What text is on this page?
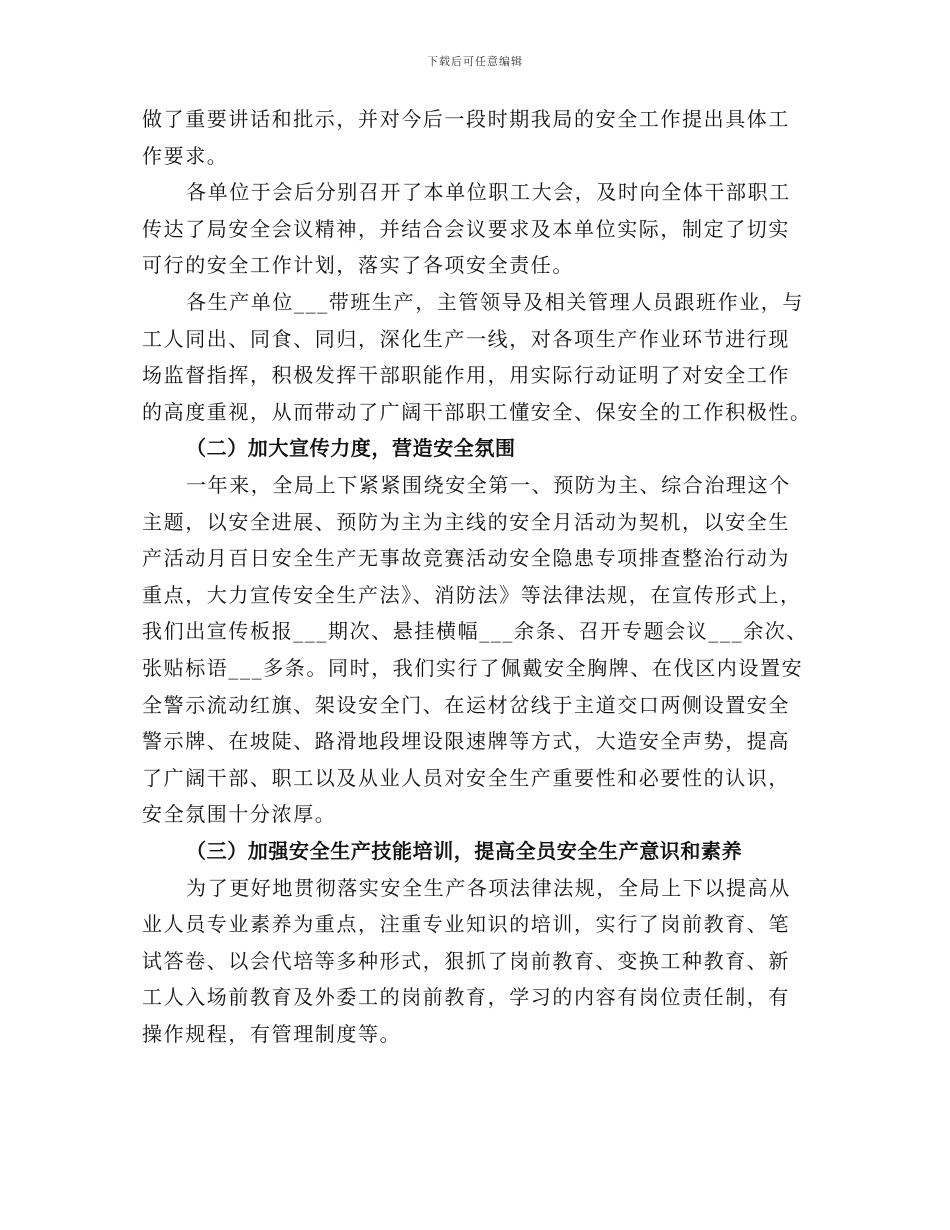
下载后可任意编辑
做了重要讲话和批示，并对今后一段时期我局的安全工作提出具体工
作要求。
各单位于会后分别召开了本单位职工大会，及时向全体干部职工
传达了局安全会议精神，并结合会议要求及本单位实际，制定了切实
可行的安全工作计划，落实了各项安全责任。
各生产单位___带班生产，主管领导及相关管理人员跟班作业，与
工人同出、同食、同归，深化生产一线，对各项生产作业环节进行现
场监督指挥，积极发挥干部职能作用，用实际行动证明了对安全工作
的高度重视，从而带动了广阔干部职工懂安全、保安全的工作积极性。
（二）加大宣传力度，营造安全氛围
一年来，全局上下紧紧围绕安全第一、预防为主、综合治理这个
主题，以安全进展、预防为主为主线的安全月活动为契机，以安全生
产活动月百日安全生产无事故竞赛活动安全隐患专项排查整治行动为
重点，大力宣传安全生产法》、消防法》等法律法规，在宣传形式上，
我们出宣传板报___期次、悬挂横幅___余条、召开专题会议___余次、
张贴标语___多条。同时，我们实行了佩戴安全胸牌、在伐区内设置安
全警示流动红旗、架设安全门、在运材岔线于主道交口两侧设置安全
警示牌、在坡陡、路滑地段埋设限速牌等方式，大造安全声势，提高
了广阔干部、职工以及从业人员对安全生产重要性和必要性的认识，
安全氛围十分浓厚。
（三）加强安全生产技能培训，提高全员安全生产意识和素养
为了更好地贯彻落实安全生产各项法律法规，全局上下以提高从
业人员专业素养为重点，注重专业知识的培训，实行了岗前教育、笔
试答卷、以会代培等多种形式，狠抓了岗前教育、变换工种教育、新
工人入场前教育及外委工的岗前教育，学习的内容有岗位责任制，有
操作规程，有管理制度等。
